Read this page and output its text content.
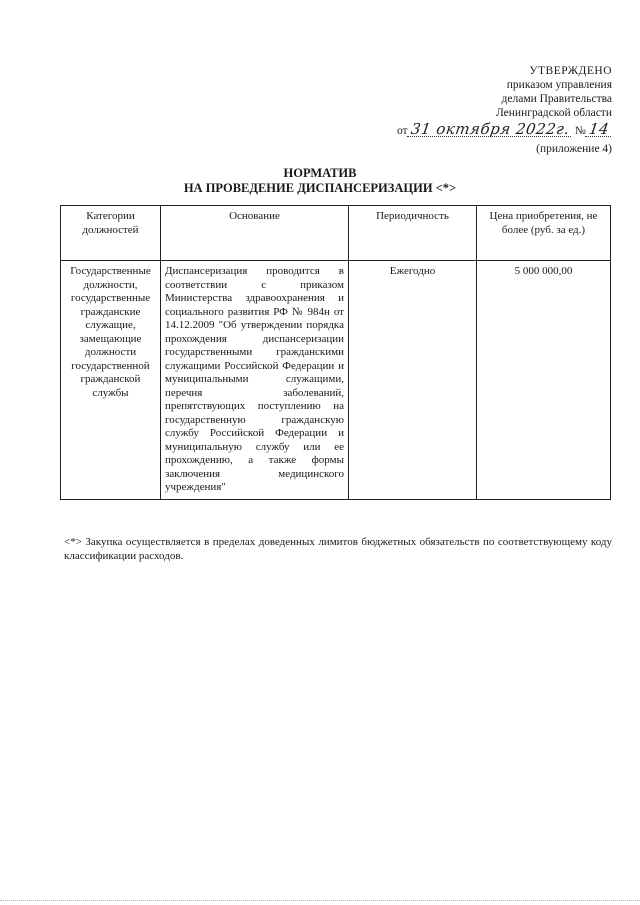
УТВЕРЖДЕНО
приказом управления
делами Правительства
Ленинградской области
от 31 октября 2022г. № 14
(приложение 4)
НОРМАТИВ
НА ПРОВЕДЕНИЕ ДИСПАНСЕРИЗАЦИИ <*>
Категории должностей	Основание	Периодичность	Цена приобретения, не более (руб. за ед.)
Государственные должности, государственные гражданские служащие, замещающие должности государственной гражданской службы	Диспансеризация проводится в соответствии с приказом Министерства здравоохранения и социального развития РФ № 984н от 14.12.2009 "Об утверждении порядка прохождения диспансеризации государственными гражданскими служащими Российской Федерации и муниципальными служащими, перечня заболеваний, препятствующих поступлению на государственную гражданскую службу Российской Федерации и муниципальную службу или ее прохождению, а также формы заключения медицинского учреждения"	Ежегодно	5 000 000,00
<*> Закупка осуществляется в пределах доведенных лимитов бюджетных обязательств по соответствующему коду классификации расходов.
